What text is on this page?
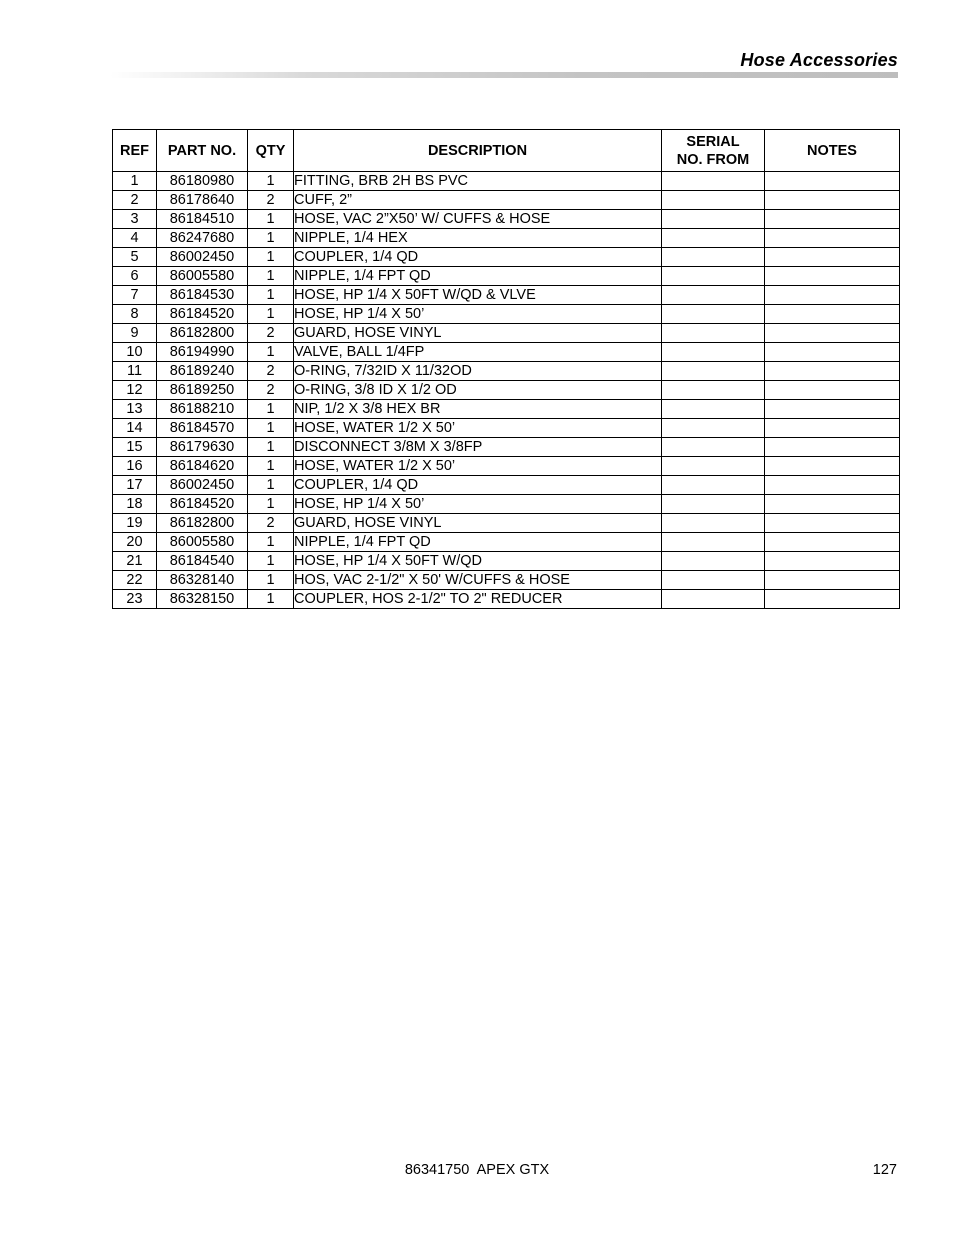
Hose Accessories
REF	PART NO.	QTY	DESCRIPTION	SERIAL NO. FROM	NOTES
1	86180980	1	FITTING, BRB 2H BS PVC		
2	86178640	2	CUFF, 2”		
3	86184510	1	HOSE, VAC 2”X50’ W/ CUFFS & HOSE		
4	86247680	1	NIPPLE, 1/4 HEX		
5	86002450	1	COUPLER, 1/4 QD		
6	86005580	1	NIPPLE, 1/4 FPT QD		
7	86184530	1	HOSE, HP 1/4 X 50FT W/QD & VLVE		
8	86184520	1	HOSE, HP 1/4 X 50’		
9	86182800	2	GUARD, HOSE VINYL		
10	86194990	1	VALVE, BALL 1/4FP		
11	86189240	2	O-RING, 7/32ID X 11/32OD		
12	86189250	2	O-RING, 3/8 ID X 1/2 OD		
13	86188210	1	NIP, 1/2 X 3/8 HEX BR		
14	86184570	1	HOSE, WATER 1/2 X 50’		
15	86179630	1	DISCONNECT 3/8M X 3/8FP		
16	86184620	1	HOSE, WATER 1/2 X 50’		
17	86002450	1	COUPLER, 1/4 QD		
18	86184520	1	HOSE, HP 1/4 X 50’		
19	86182800	2	GUARD, HOSE VINYL		
20	86005580	1	NIPPLE, 1/4 FPT QD		
21	86184540	1	HOSE, HP 1/4 X 50FT W/QD		
22	86328140	1	HOS, VAC 2-1/2" X 50' W/CUFFS & HOSE		
23	86328150	1	COUPLER, HOS 2-1/2" TO 2" REDUCER		
86341750  APEX GTX	127
